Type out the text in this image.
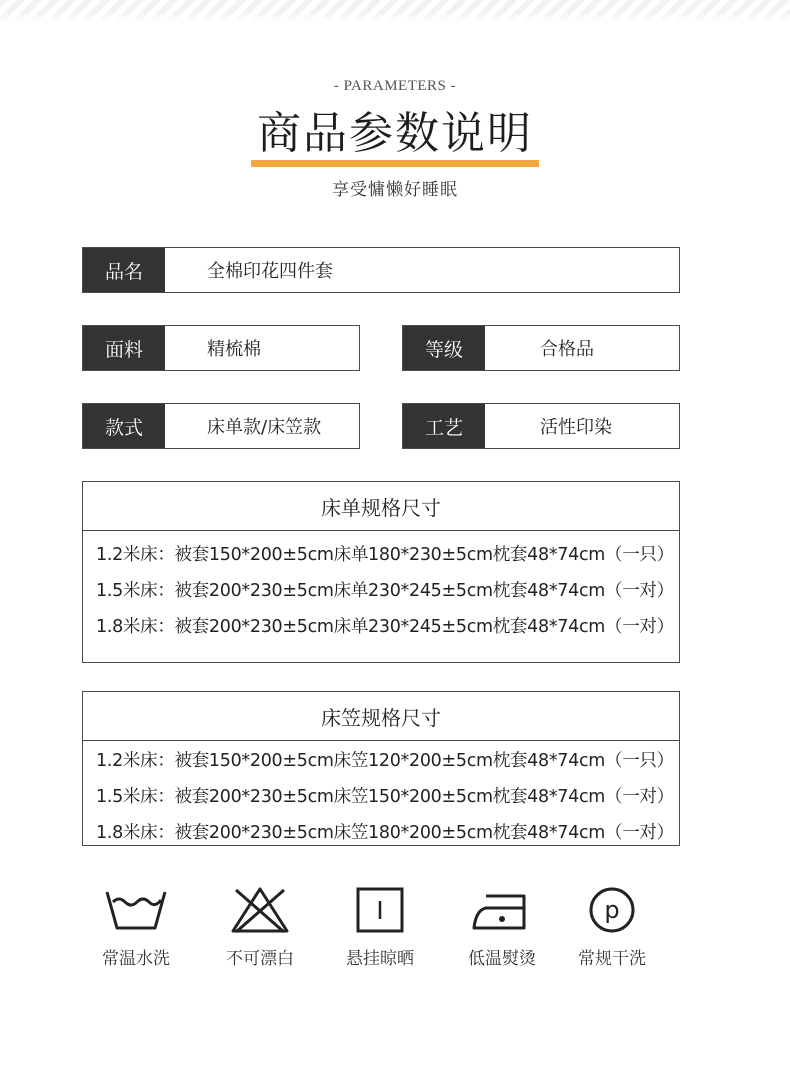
- PARAMETERS -
商品参数说明
享受慵懒好睡眠
品名	全棉印花四件套
面料	精梳棉	等级	合格品
款式	床单款/床笠款	工艺	活性印染
床单规格尺寸
1.2米床：被套150*200±5cm床单180*230±5cm枕套48*74cm（一只）
1.5米床：被套200*230±5cm床单230*245±5cm枕套48*74cm（一对）
1.8米床：被套200*230±5cm床单230*245±5cm枕套48*74cm（一对）
床笠规格尺寸
1.2米床：被套150*200±5cm床笠120*200±5cm枕套48*74cm（一只）
1.5米床：被套200*230±5cm床笠150*200±5cm枕套48*74cm（一对）
1.8米床：被套200*230±5cm床笠180*200±5cm枕套48*74cm（一对）
常温水洗	不可漂白	悬挂晾晒	低温熨烫
p
常规干洗
